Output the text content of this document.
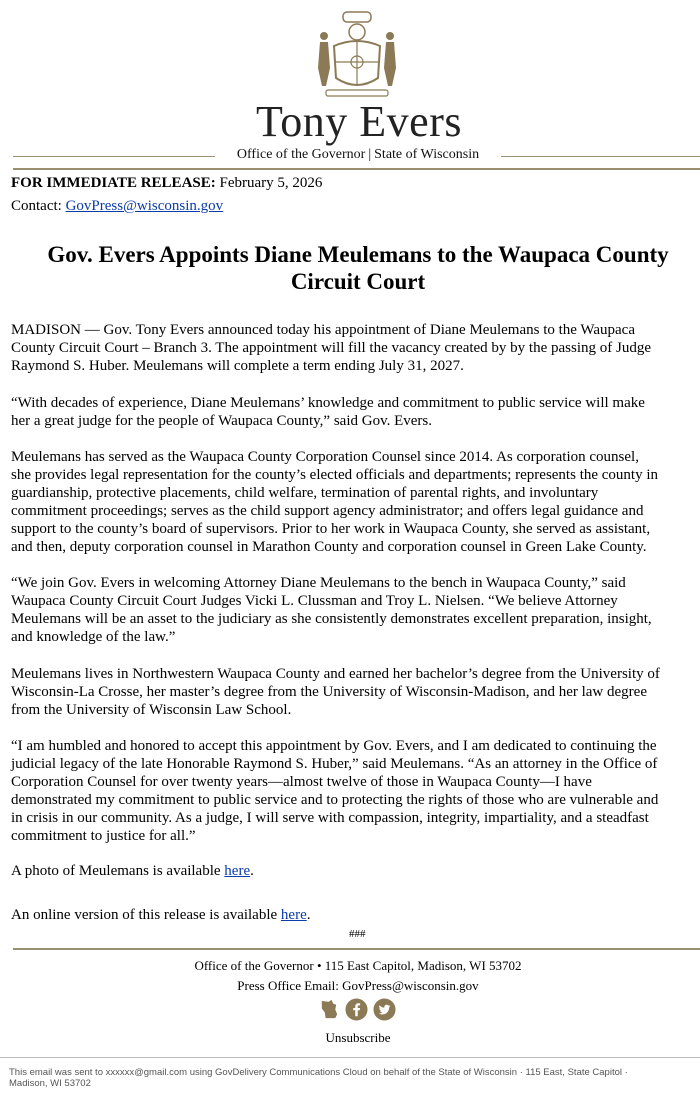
Tony Evers
Office of the Governor | State of Wisconsin
FOR IMMEDIATE RELEASE: February 5, 2026
Contact: GovPress@wisconsin.gov
Gov. Evers Appoints Diane Meulemans to the Waupaca County
Circuit Court

MADISON — Gov. Tony Evers announced today his appointment of Diane Meulemans to the Waupaca
County Circuit Court – Branch 3. The appointment will fill the vacancy created by by the passing of Judge
Raymond S. Huber. Meulemans will complete a term ending July 31, 2027.

“With decades of experience, Diane Meulemans’ knowledge and commitment to public service will make
her a great judge for the people of Waupaca County,” said Gov. Evers.

Meulemans has served as the Waupaca County Corporation Counsel since 2014. As corporation counsel,
she provides legal representation for the county’s elected officials and departments; represents the county in
guardianship, protective placements, child welfare, termination of parental rights, and involuntary
commitment proceedings; serves as the child support agency administrator; and offers legal guidance and
support to the county’s board of supervisors. Prior to her work in Waupaca County, she served as assistant,
and then, deputy corporation counsel in Marathon County and corporation counsel in Green Lake County.

“We join Gov. Evers in welcoming Attorney Diane Meulemans to the bench in Waupaca County,” said
Waupaca County Circuit Court Judges Vicki L. Clussman and Troy L. Nielsen. “We believe Attorney
Meulemans will be an asset to the judiciary as she consistently demonstrates excellent preparation, insight,
and knowledge of the law.”

Meulemans lives in Northwestern Waupaca County and earned her bachelor’s degree from the University of
Wisconsin-La Crosse, her master’s degree from the University of Wisconsin-Madison, and her law degree
from the University of Wisconsin Law School.

“I am humbled and honored to accept this appointment by Gov. Evers, and I am dedicated to continuing the
judicial legacy of the late Honorable Raymond S. Huber,” said Meulemans. “As an attorney in the Office of
Corporation Counsel for over twenty years—almost twelve of those in Waupaca County—I have
demonstrated my commitment to public service and to protecting the rights of those who are vulnerable and
in crisis in our community. As a judge, I will serve with compassion, integrity, impartiality, and a steadfast
commitment to justice for all.”

A photo of Meulemans is available here.

An online version of this release is available here.

###
Office of the Governor • 115 East Capitol, Madison, WI 53702
Press Office Email: GovPress@wisconsin.gov
Unsubscribe
This email was sent to xxxxxx@gmail.com using GovDelivery Communications Cloud on behalf of the State of Wisconsin · 115 East, State Capitol · Madison, WI 53702
